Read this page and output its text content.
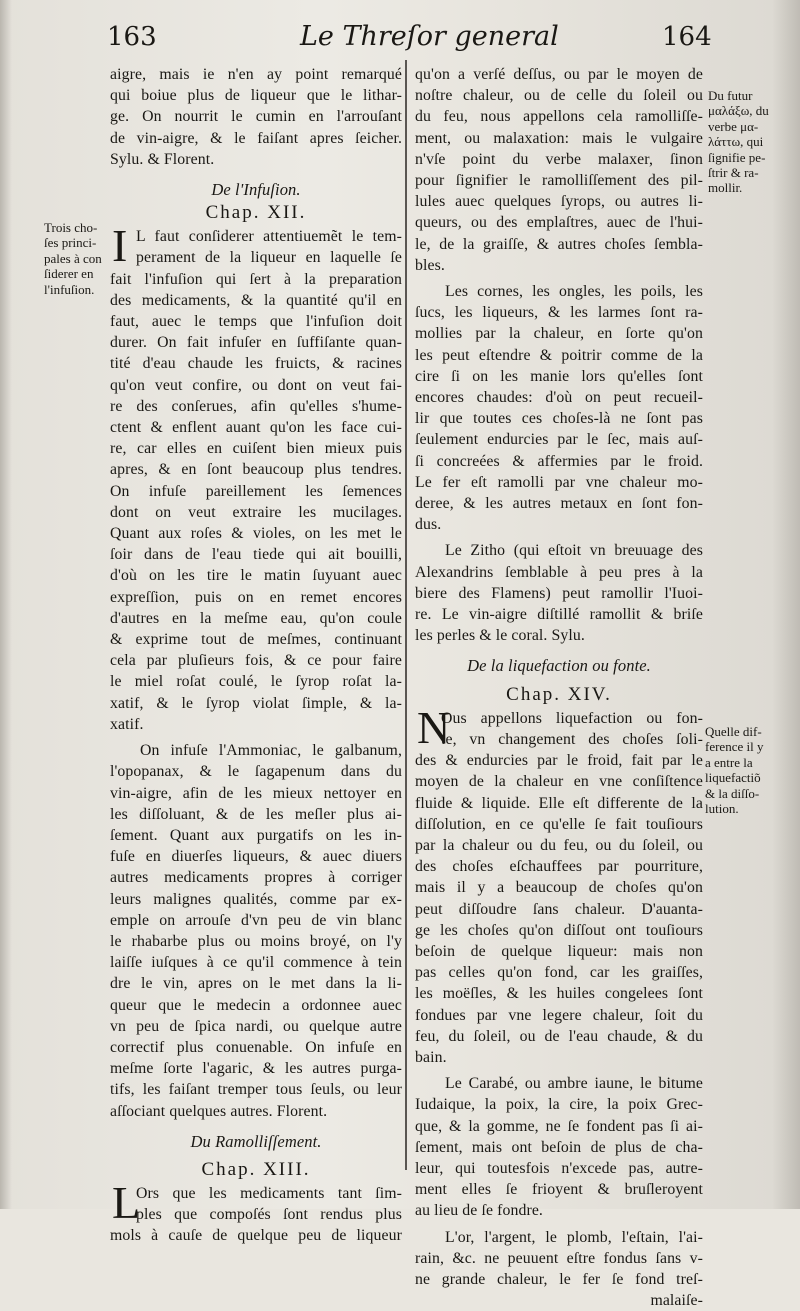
163	Le Threſor general	164
aigre, mais ie n'en ay point remarqué
qui boiue plus de liqueur que le lithar-
ge. On nourrit le cumin en l'arrouſant
de vin-aigre, & le faiſant apres ſeicher.
Sylu. & Florent.
De l'Infuſion.
Chap. XII.
I L faut conſiderer attentiuemẽt le tem-
perament de la liqueur en laquelle ſe
fait l'infuſion qui ſert à la preparation
des medicaments, & la quantité qu'il en
faut, auec le temps que l'infuſion doit
durer. On fait infuſer en ſuffiſante quan-
tité d'eau chaude les fruicts, & racines
qu'on veut confire, ou dont on veut fai-
re des conſerues, afin qu'elles s'hume-
ctent & enflent auant qu'on les face cui-
re, car elles en cuiſent bien mieux puis
apres, & en ſont beaucoup plus tendres.
On infuſe pareillement les ſemences
dont on veut extraire les mucilages.
Quant aux roſes & violes, on les met le
ſoir dans de l'eau tiede qui ait bouilli,
d'où on les tire le matin ſuyuant auec
expreſſion, puis on en remet encores
d'autres en la meſme eau, qu'on coule
& exprime tout de meſmes, continuant
cela par pluſieurs fois, & ce pour faire
le miel roſat coulé, le ſyrop roſat la-
xatif, & le ſyrop violat ſimple, & la-
xatif.
On infuſe l'Ammoniac, le galbanum,
l'opopanax, & le ſagapenum dans du
vin-aigre, afin de les mieux nettoyer en
les diſſoluant, & de les meſler plus ai-
ſement. Quant aux purgatifs on les in-
fuſe en diuerſes liqueurs, & auec diuers
autres medicaments propres à corriger
leurs malignes qualités, comme par ex-
emple on arrouſe d'vn peu de vin blanc
le rhabarbe plus ou moins broyé, on l'y
laiſſe iuſques à ce qu'il commence à tein
dre le vin, apres on le met dans la li-
queur que le medecin a ordonnee auec
vn peu de ſpica nardi, ou quelque autre
correctif plus conuenable. On infuſe en
meſme ſorte l'agaric, & les autres purga-
tifs, les faiſant tremper tous ſeuls, ou leur
aſſociant quelques autres. Florent.
Du Ramolliſſement.
Chap. XIII.
L
Ors que les medicaments tant ſim-
ples que compoſés ſont rendus plus
mols à cauſe de quelque peu de liqueur
qu'on a verſé deſſus, ou par le moyen de
noſtre chaleur, ou de celle du ſoleil ou
du feu, nous appellons cela ramolliſſe-
ment, ou malaxation: mais le vulgaire
n'vſe point du verbe malaxer, ſinon
pour ſignifier le ramolliſſement des pil-
lules auec quelques ſyrops, ou autres li-
queurs, ou des emplaſtres, auec de l'hui-
le, de la graiſſe, & autres choſes ſembla-
bles.
Les cornes, les ongles, les poils, les
ſucs, les liqueurs, & les larmes ſont ra-
mollies par la chaleur, en ſorte qu'on
les peut eſtendre & poitrir comme de la
cire ſi on les manie lors qu'elles ſont
encores chaudes: d'où on peut recueil-
lir que toutes ces choſes-là ne ſont pas
ſeulement endurcies par le ſec, mais auſ-
ſi concreées & affermies par le froid.
Le fer eſt ramolli par vne chaleur mo-
deree, & les autres metaux en ſont fon-
dus.
Le Zitho (qui eſtoit vn breuuage des
Alexandrins ſemblable à peu pres à la
biere des Flamens) peut ramollir l'Iuoi-
re. Le vin-aigre diſtillé ramollit & briſe
les perles & le coral. Sylu.
De la liquefaction ou fonte.
Chap. XIV.
N
Ous appellons liquefaction ou fon-
te, vn changement des choſes ſoli-
des & endurcies par le froid, fait par le
moyen de la chaleur en vne conſiſtence
fluide & liquide. Elle eſt differente de la
diſſolution, en ce qu'elle ſe fait touſiours
par la chaleur ou du feu, ou du ſoleil, ou
des choſes eſchauffees par pourriture,
mais il y a beaucoup de choſes qu'on
peut diſſoudre ſans chaleur. D'auanta-
ge les choſes qu'on diſſout ont touſiours
beſoin de quelque liqueur: mais non
pas celles qu'on fond, car les graiſſes,
les moëſles, & les huiles congelees ſont
fondues par vne legere chaleur, ſoit du
feu, du ſoleil, ou de l'eau chaude, & du
bain.
Le Carabé, ou ambre iaune, le bitume
Iudaique, la poix, la cire, la poix Grec-
que, & la gomme, ne ſe fondent pas ſi ai-
ſement, mais ont beſoin de plus de cha-
leur, qui toutesfois n'excede pas, autre-
ment elles ſe frioyent & bruſleroyent
au lieu de ſe fondre.
L'or, l'argent, le plomb, l'eſtain, l'ai-
rain, &c. ne peuuent eſtre fondus ſans v-
ne grande chaleur, le fer ſe fond treſ-
malaiſe-
Trois cho-
ſes princi-
pales à con
ſiderer en
l'infuſion.
Du futur
μαλάξω, du
verbe μα-
λάττω, qui
ſignifie pe-
ſtrir & ra-
mollir.
Quelle dif-
ference il y
a entre la
liquefactiõ
& la diſſo-
lution.
